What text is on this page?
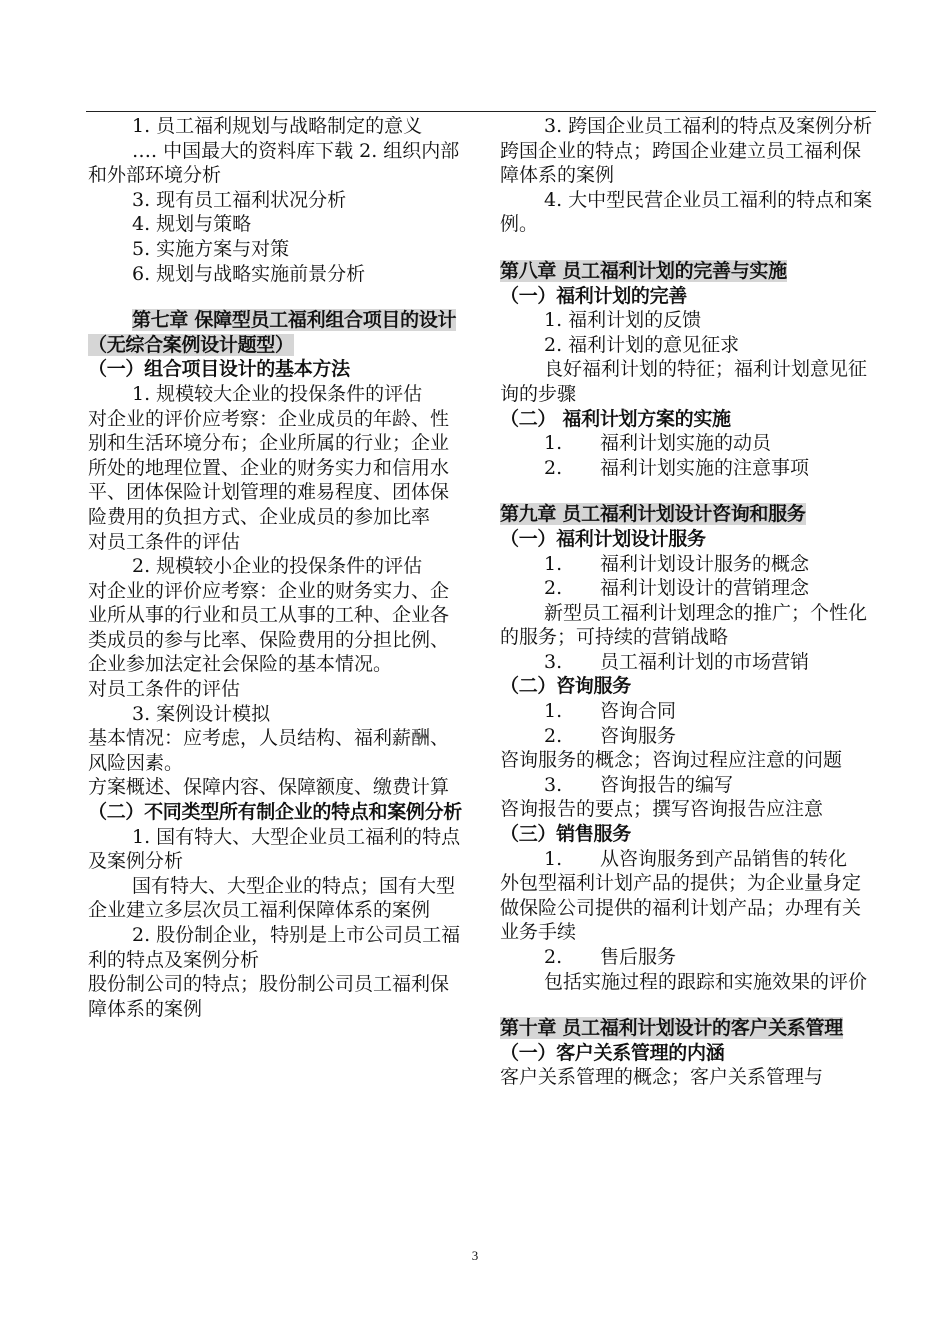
1. 员工福利规划与战略制定的意义
…. 中国最大的资料库下载 2. 组织内部和外部环境分析
3. 现有员工福利状况分析
4. 规划与策略
5. 实施方案与对策
6. 规划与战略实施前景分析
第七章 保障型员工福利组合项目的设计（无综合案例设计题型）
（一）组合项目设计的基本方法
1. 规模较大企业的投保条件的评估
对企业的评价应考察：企业成员的年龄、性别和生活环境分布；企业所属的行业；企业所处的地理位置、企业的财务实力和信用水平、团体保险计划管理的难易程度、团体保险费用的负担方式、企业成员的参加比率
对员工条件的评估
2. 规模较小企业的投保条件的评估
对企业的评价应考察：企业的财务实力、企业所从事的行业和员工从事的工种、企业各类成员的参与比率、保险费用的分担比例、企业参加法定社会保险的基本情况。
对员工条件的评估
3. 案例设计模拟
基本情况：应考虑，人员结构、福利薪酬、风险因素。
方案概述、保障内容、保障额度、缴费计算
（二）不同类型所有制企业的特点和案例分析
1. 国有特大、大型企业员工福利的特点及案例分析
国有特大、大型企业的特点；国有大型企业建立多层次员工福利保障体系的案例
2. 股份制企业，特别是上市公司员工福利的特点及案例分析
股份制公司的特点；股份制公司员工福利保障体系的案例
3. 跨国企业员工福利的特点及案例分析
跨国企业的特点；跨国企业建立员工福利保障体系的案例
4. 大中型民营企业员工福利的特点和案例。
第八章 员工福利计划的完善与实施
（一）福利计划的完善
1. 福利计划的反馈
2. 福利计划的意见征求
良好福利计划的特征；福利计划意见征询的步骤
（二） 福利计划方案的实施
1. 福利计划实施的动员
2. 福利计划实施的注意事项
第九章 员工福利计划设计咨询和服务
（一）福利计划设计服务
1. 福利计划设计服务的概念
2. 福利计划设计的营销理念
新型员工福利计划理念的推广；个性化的服务；可持续的营销战略
3. 员工福利计划的市场营销
（二）咨询服务
1. 咨询合同
2. 咨询服务
咨询服务的概念；咨询过程应注意的问题
3. 咨询报告的编写
咨询报告的要点；撰写咨询报告应注意
（三）销售服务
1. 从咨询服务到产品销售的转化
外包型福利计划产品的提供；为企业量身定做保险公司提供的福利计划产品；办理有关业务手续
2. 售后服务
包括实施过程的跟踪和实施效果的评价
第十章 员工福利计划设计的客户关系管理
（一）客户关系管理的内涵
客户关系管理的概念；客户关系管理与
3
